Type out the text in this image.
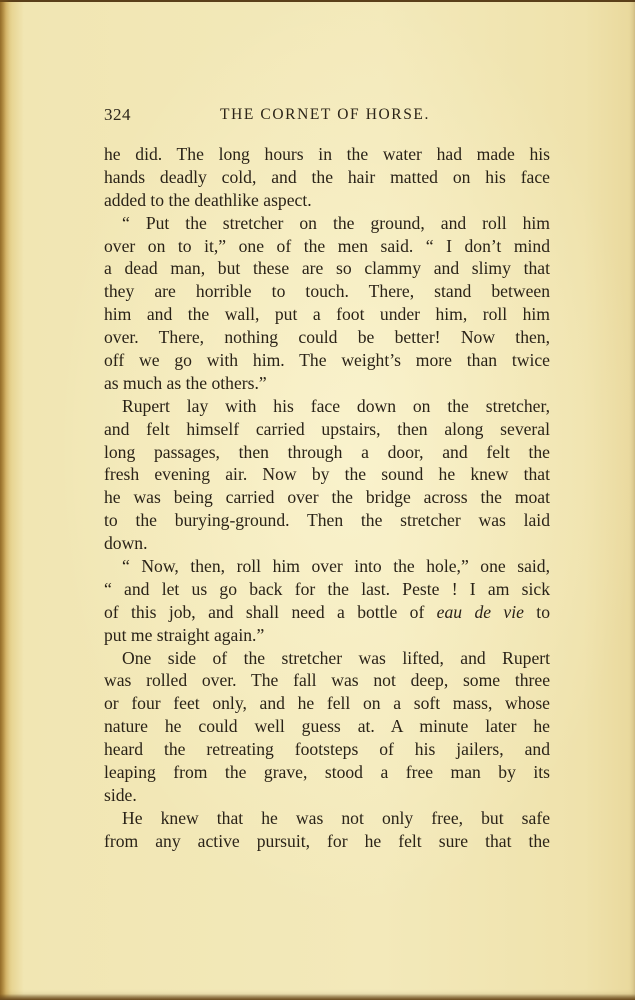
324	THE CORNET OF HORSE.
he did. The long hours in the water had made his
hands deadly cold, and the hair matted on his face
added to the deathlike aspect.
“ Put the stretcher on the ground, and roll him
over on to it,” one of the men said. “ I don’t mind
a dead man, but these are so clammy and slimy that
they are horrible to touch. There, stand between
him and the wall, put a foot under him, roll him
over. There, nothing could be better! Now then,
off we go with him. The weight’s more than twice
as much as the others.”
Rupert lay with his face down on the stretcher,
and felt himself carried upstairs, then along several
long passages, then through a door, and felt the
fresh evening air. Now by the sound he knew that
he was being carried over the bridge across the moat
to the burying-ground. Then the stretcher was laid
down.
“ Now, then, roll him over into the hole,” one said,
“ and let us go back for the last. Peste ! I am sick
of this job, and shall need a bottle of eau de vie to
put me straight again.”
One side of the stretcher was lifted, and Rupert
was rolled over. The fall was not deep, some three
or four feet only, and he fell on a soft mass, whose
nature he could well guess at. A minute later he
heard the retreating footsteps of his jailers, and
leaping from the grave, stood a free man by its
side.
He knew that he was not only free, but safe
from any active pursuit, for he felt sure that the
